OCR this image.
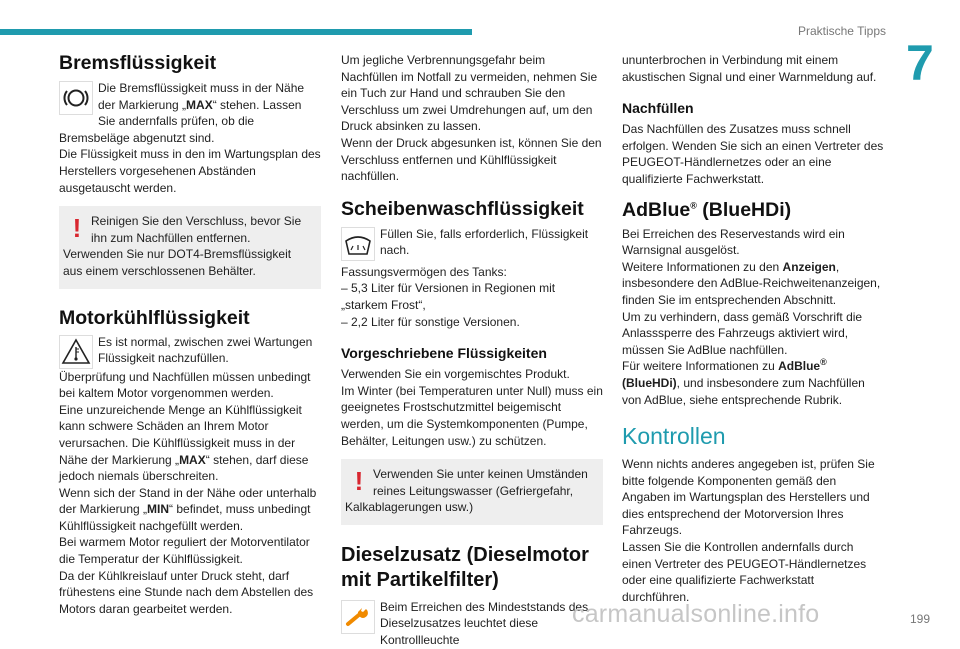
Praktische Tipps
7
Bremsflüssigkeit
Die Bremsflüssigkeit muss in der Nähe der Markierung „MAX“ stehen. Lassen Sie andernfalls prüfen, ob die Bremsbeläge abgenutzt sind.

Die Flüssigkeit muss in den im Wartungsplan des Herstellers vorgesehenen Abständen ausgetauscht werden.

! Reinigen Sie den Verschluss, bevor Sie ihn zum Nachfüllen entfernen. Verwenden Sie nur DOT4-Bremsflüssigkeit aus einem verschlossenen Behälter.
Motorkühlflüssigkeit
Es ist normal, zwischen zwei Wartungen Flüssigkeit nachzufüllen.

Überprüfung und Nachfüllen müssen unbedingt bei kaltem Motor vorgenommen werden.

Eine unzureichende Menge an Kühlflüssigkeit kann schwere Schäden an Ihrem Motor verursachen. Die Kühlflüssigkeit muss in der Nähe der Markierung „MAX“ stehen, darf diese jedoch niemals überschreiten.

Wenn sich der Stand in der Nähe oder unterhalb der Markierung „MIN“ befindet, muss unbedingt Kühlflüssigkeit nachgefüllt werden.

Bei warmem Motor reguliert der Motorventilator die Temperatur der Kühlflüssigkeit.

Da der Kühlkreislauf unter Druck steht, darf frühestens eine Stunde nach dem Abstellen des Motors daran gearbeitet werden.

Um jegliche Verbrennungsgefahr beim Nachfüllen im Notfall zu vermeiden, nehmen Sie ein Tuch zur Hand und schrauben Sie den Verschluss um zwei Umdrehungen auf, um den Druck absinken zu lassen.

Wenn der Druck abgesunken ist, können Sie den Verschluss entfernen und Kühlflüssigkeit nachfüllen.

Scheibenwaschflüssigkeit
Füllen Sie, falls erforderlich, Flüssigkeit nach.

Fassungsvermögen des Tanks:

– 5,3 Liter für Versionen in Regionen mit „starkem Frost“,

– 2,2 Liter für sonstige Versionen.

Vorgeschriebene Flüssigkeiten

Verwenden Sie ein vorgemischtes Produkt.

Im Winter (bei Temperaturen unter Null) muss ein geeignetes Frostschutzmittel beigemischt werden, um die Systemkomponenten (Pumpe, Behälter, Leitungen usw.) zu schützen.

! Verwenden Sie unter keinen Umständen reines Leitungswasser (Gefriergefahr, Kalkablagerungen usw.)
Dieselzusatz (Dieselmotor mit Partikelfilter)
Beim Erreichen des Mindeststands des Dieselzusatzes leuchtet diese Kontrollleuchte

ununterbrochen in Verbindung mit einem akustischen Signal und einer Warnmeldung auf.

Nachfüllen

Das Nachfüllen des Zusatzes muss schnell erfolgen. Wenden Sie sich an einen Vertreter des PEUGEOT-Händlernetzes oder an eine qualifizierte Fachwerkstatt.

AdBlue® (BlueHDi)

Bei Erreichen des Reservestands wird ein Warnsignal ausgelöst.

Weitere Informationen zu den Anzeigen, insbesondere den AdBlue-Reichweitenanzeigen, finden Sie im entsprechenden Abschnitt.

Um zu verhindern, dass gemäß Vorschrift die Anlasssperre des Fahrzeugs aktiviert wird, müssen Sie AdBlue nachfüllen.

Für weitere Informationen zu AdBlue® (BlueHDi), und insbesondere zum Nachfüllen von AdBlue, siehe entsprechende Rubrik.

Kontrollen

Wenn nichts anderes angegeben ist, prüfen Sie bitte folgende Komponenten gemäß den Angaben im Wartungsplan des Herstellers und dies entsprechend der Motorversion Ihres Fahrzeugs.

Lassen Sie die Kontrollen andernfalls durch einen Vertreter des PEUGEOT-Händlernetzes oder eine qualifizierte Fachwerkstatt durchführen.

carmanualsonline.info	199
